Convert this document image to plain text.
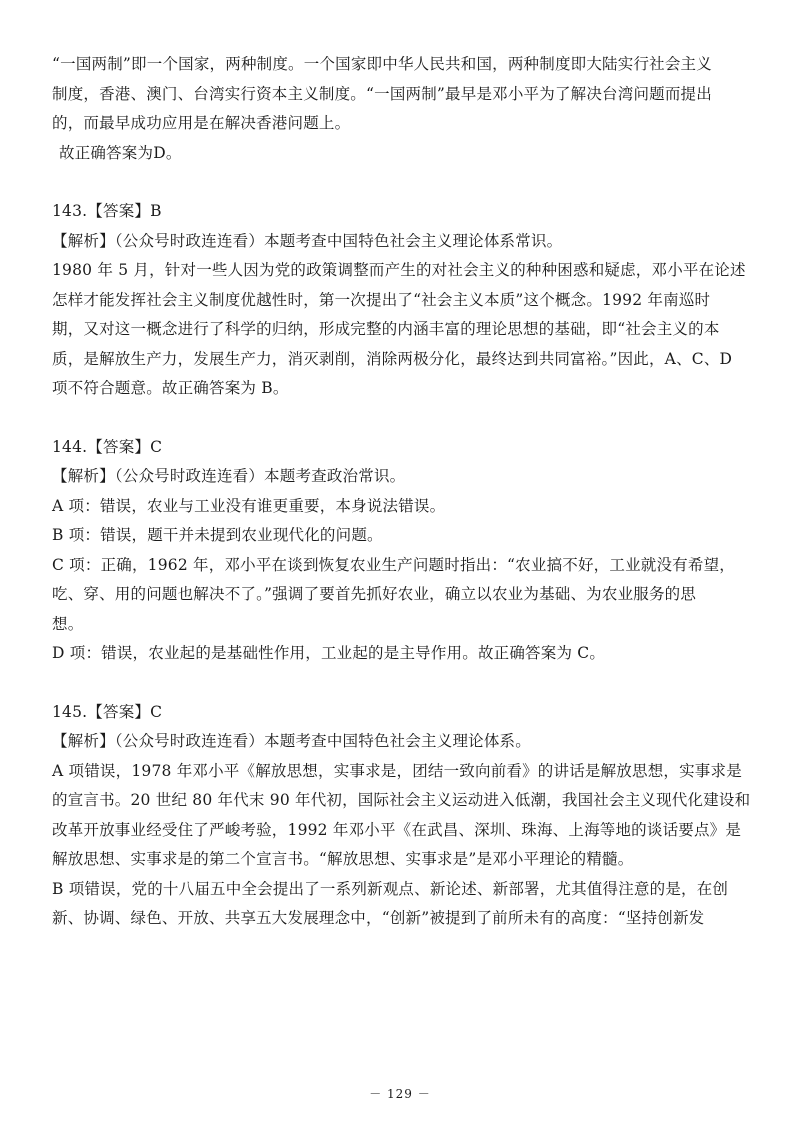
“一国两制”即一个国家，两种制度。一个国家即中华人民共和国，两种制度即大陆实行社会主义
制度，香港、澳门、台湾实行资本主义制度。“一国两制”最早是邓小平为了解决台湾问题而提出
的，而最早成功应用是在解决香港问题上。
故正确答案为D。
143.【答案】B
【解析】（公众号时政连连看）本题考查中国特色社会主义理论体系常识。
1980 年 5 月，针对一些人因为党的政策调整而产生的对社会主义的种种困惑和疑虑，邓小平在论述
怎样才能发挥社会主义制度优越性时，第一次提出了“社会主义本质”这个概念。1992 年南巡时
期，又对这一概念进行了科学的归纳，形成完整的内涵丰富的理论思想的基础，即“社会主义的本
质，是解放生产力，发展生产力，消灭剥削，消除两极分化，最终达到共同富裕。”因此，A、C、D
项不符合题意。故正确答案为 B。
144.【答案】C
【解析】（公众号时政连连看）本题考查政治常识。
A 项：错误，农业与工业没有谁更重要，本身说法错误。
B 项：错误，题干并未提到农业现代化的问题。
C 项：正确，1962 年，邓小平在谈到恢复农业生产问题时指出：“农业搞不好，工业就没有希望，
吃、穿、用的问题也解决不了。”强调了要首先抓好农业，确立以农业为基础、为农业服务的思
想。
D 项：错误，农业起的是基础性作用，工业起的是主导作用。故正确答案为 C。
145.【答案】C
【解析】（公众号时政连连看）本题考查中国特色社会主义理论体系。
A 项错误，1978 年邓小平《解放思想，实事求是，团结一致向前看》的讲话是解放思想，实事求是
的宣言书。20 世纪 80 年代末 90 年代初，国际社会主义运动进入低潮，我国社会主义现代化建设和
改革开放事业经受住了严峻考验，1992 年邓小平《在武昌、深圳、珠海、上海等地的谈话要点》是
解放思想、实事求是的第二个宣言书。“解放思想、实事求是”是邓小平理论的精髓。
B 项错误，党的十八届五中全会提出了一系列新观点、新论述、新部署，尤其值得注意的是，在创
新、协调、绿色、开放、共享五大发展理念中，“创新”被提到了前所未有的高度：“坚持创新发
－ 129 －
